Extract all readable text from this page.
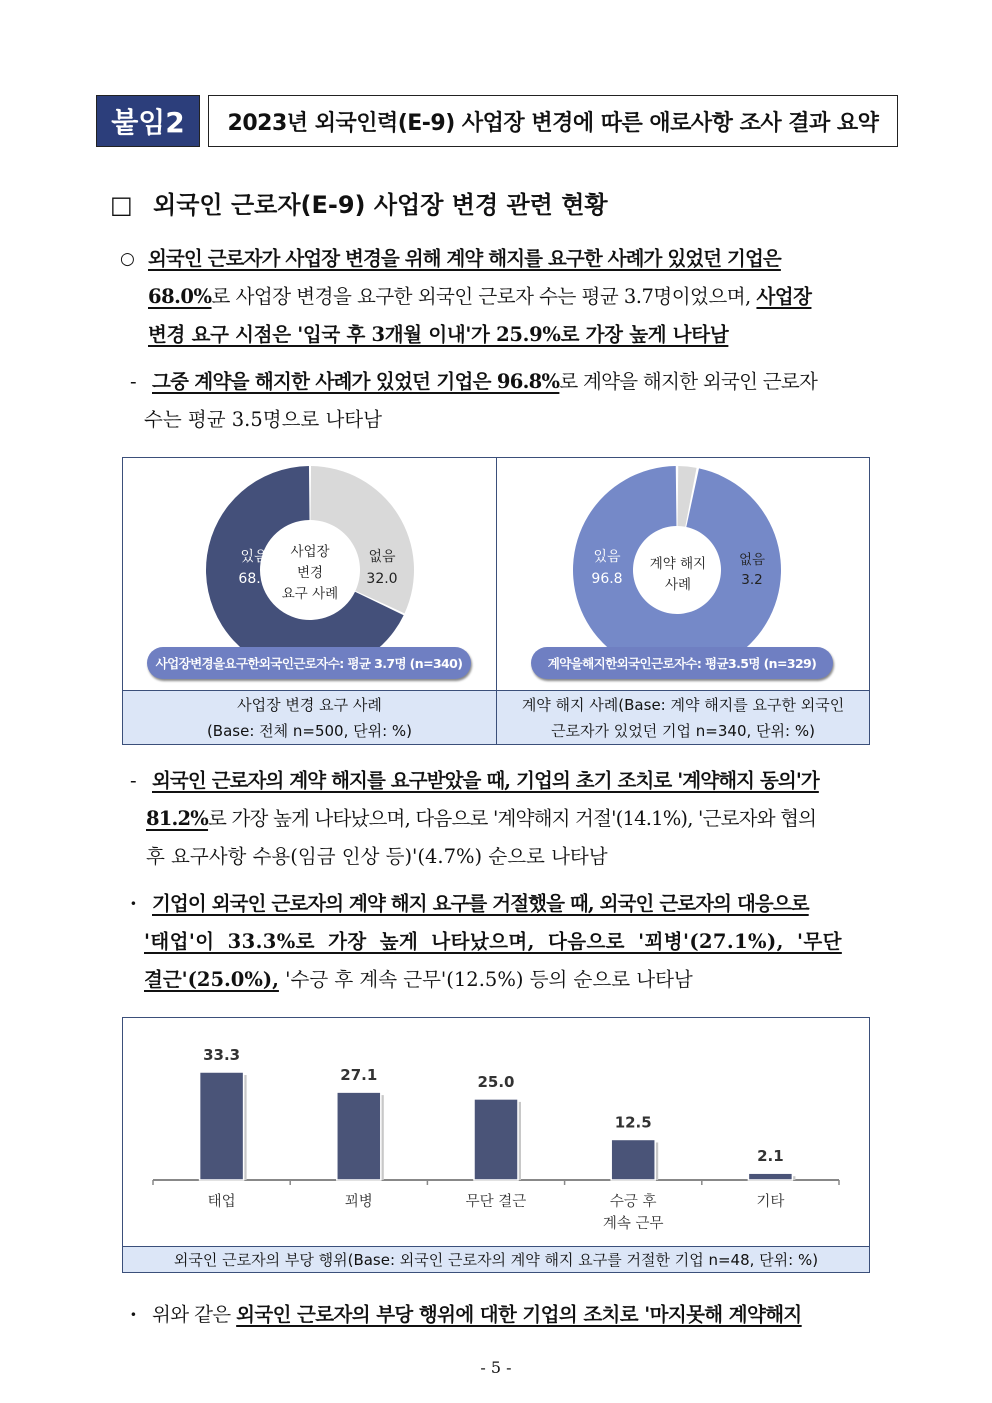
붙임2	2023년 외국인력(E-9) 사업장 변경에 따른 애로사항 조사 결과 요약
□ 외국인 근로자(E-9) 사업장 변경 관련 현황
○ 외국인 근로자가 사업장 변경을 위해 계약 해지를 요구한 사례가 있었던 기업은
68.0%로 사업장 변경을 요구한 외국인 근로자 수는 평균 3.7명이었으며, 사업장
변경 요구 시점은 '입국 후 3개월 이내'가 25.9%로 가장 높게 나타남
- 그중 계약을 해지한 사례가 있었던 기업은 96.8%로 계약을 해지한 외국인 근로자
수는 평균 3.5명으로 나타남
있음
68.0
없음
32.0
사업장
변경
요구 사례
사업장변경을요구한외국인근로자수: 평균 3.7명 (n=340)
사업장 변경 요구 사례
(Base: 전체 n=500, 단위: %)
있음
96.8
없음
3.2
계약 해지
사례
계약을해지한외국인근로자수: 평균3.5명 (n=329)
계약 해지 사례(Base: 계약 해지를 요구한 외국인
근로자가 있었던 기업 n=340, 단위: %)
- 외국인 근로자의 계약 해지를 요구받았을 때, 기업의 초기 조치로 '계약해지 동의'가
81.2%로 가장 높게 나타났으며, 다음으로 '계약해지 거절'(14.1%), '근로자와 협의
후 요구사항 수용(임금 인상 등)'(4.7%) 순으로 나타남
· 기업이 외국인 근로자의 계약 해지 요구를 거절했을 때, 외국인 근로자의 대응으로
'태업'이 33.3%로 가장 높게 나타났으며, 다음으로 '꾀병'(27.1%), '무단
결근'(25.0%), '수긍 후 계속 근무'(12.5%) 등의 순으로 나타남
33.3
태업
27.1
꾀병
25.0
무단 결근
12.5
수긍 후
계속 근무
2.1
기타
외국인 근로자의 부당 행위(Base: 외국인 근로자의 계약 해지 요구를 거절한 기업 n=48, 단위: %)
· 위와 같은 외국인 근로자의 부당 행위에 대한 기업의 조치로 '마지못해 계약해지
- 5 -
